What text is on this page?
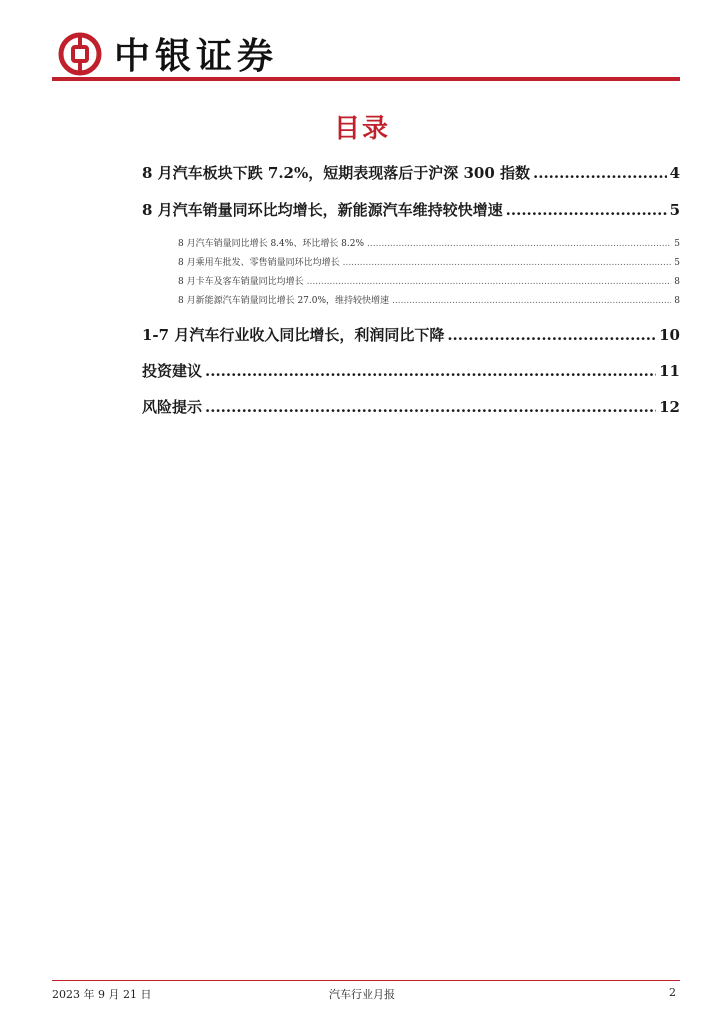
中银证券
目录
8 月汽车板块下跌 7.2%，短期表现落后于沪深 300 指数 .....	4
8 月汽车销量同环比均增长，新能源汽车维持较快增速 .....	5
8 月汽车销量同比增长 8.4%、环比增长 8.2% .....	5
8 月乘用车批发、零售销量同环比均增长 .....	5
8 月卡车及客车销量同比均增长 .....	8
8 月新能源汽车销量同比增长 27.0%，维持较快增速 .....	8
1-7 月汽车行业收入同比增长，利润同比下降 .....	10
投资建议 .....	11
风险提示 .....	12
2023 年 9 月 21 日	汽车行业月报	2
